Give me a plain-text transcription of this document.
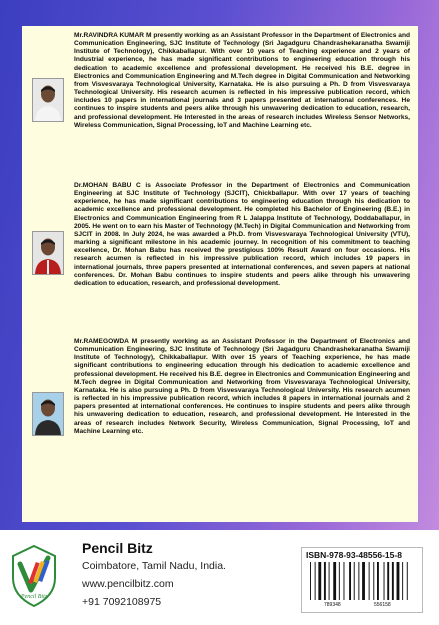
Mr.RAVINDRA KUMAR M presently working as an Assistant Professor in the Department of Electronics and Communication Engineering, SJC Institute of Technology (Sri Jagadguru Chandrashekaranatha Swamiji Institute of Technology), Chikkaballapur. With over 10 years of Teaching experience and 2 years of Industrial experience, he has made significant contributions to engineering education through his dedication to academic excellence and professional development. He received his B.E. degree in Electronics and Communication Engineering and M.Tech degree in Digital Communication and Networking from Visvesvaraya Technological University, Karnataka. He is also pursuing a Ph. D from Visvesvaraya Technological University. His research acumen is reflected in his impressive publication record, which includes 10 papers in international journals and 3 papers presented at international conferences. He continues to inspire students and peers alike through his unwavering dedication to education, research, and professional development. He Interested in the areas of research includes Wireless Sensor Networks, Wireless Communication, Signal Processing, IoT and Machine Learning etc.

Dr.MOHAN BABU C is Associate Professor in the Department of Electronics and Communication Engineering at SJC Institute of Technology (SJCIT), Chickballapur. With over 17 years of teaching experience, he has made significant contributions to engineering education through his dedication to academic excellence and professional development. He completed his Bachelor of Engineering (B.E.) in Electronics and Communication Engineering from R L Jalappa Institute of Technology, Doddaballapur, in 2005. He went on to earn his Master of Technology (M.Tech) in Digital Communication and Networking from SJCIT in 2008. In July 2024, he was awarded a Ph.D. from Visvesvaraya Technological University (VTU), marking a significant milestone in his academic journey. In recognition of his commitment to teaching excellence, Dr. Mohan Babu has received the prestigious 100% Result Award on four occasions. His research acumen is reflected in his impressive publication record, which includes 19 papers in international journals, three papers presented at international conferences, and seven papers at national conferences. Dr. Mohan Babu continues to inspire students and peers alike through his unwavering dedication to education, research, and professional development.

Mr.RAMEGOWDA M presently working as an Assistant Professor in the Department of Electronics and Communication Engineering, SJC Institute of Technology (Sri Jagadguru Chandrashekaranatha Swamiji Institute of Technology), Chikkaballapur. With over 15 years of Teaching experience, he has made significant contributions to engineering education through his dedication to academic excellence and professional development. He received his B.E. degree in Electronics and Communication Engineering and M.Tech degree in Digital Communication and Networking from Visvesvaraya Technological University, Karnataka. He is also pursuing a Ph. D from Visvesvaraya Technological University. His research acumen is reflected in his impressive publication record, which includes 8 papers in international journals and 2 papers presented at international conferences. He continues to inspire students and peers alike through his unwavering dedication to education, research, and professional development. He Interested in the areas of research includes Network Security, Wireless Communication, Signal Processing, IoT and Machine Learning etc.

Pencil Bitz
Pencil Bitz
Coimbatore, Tamil Nadu, India.
www.pencilbitz.com
+91 7092108975
ISBN-978-93-48556-15-8
789348	556158
